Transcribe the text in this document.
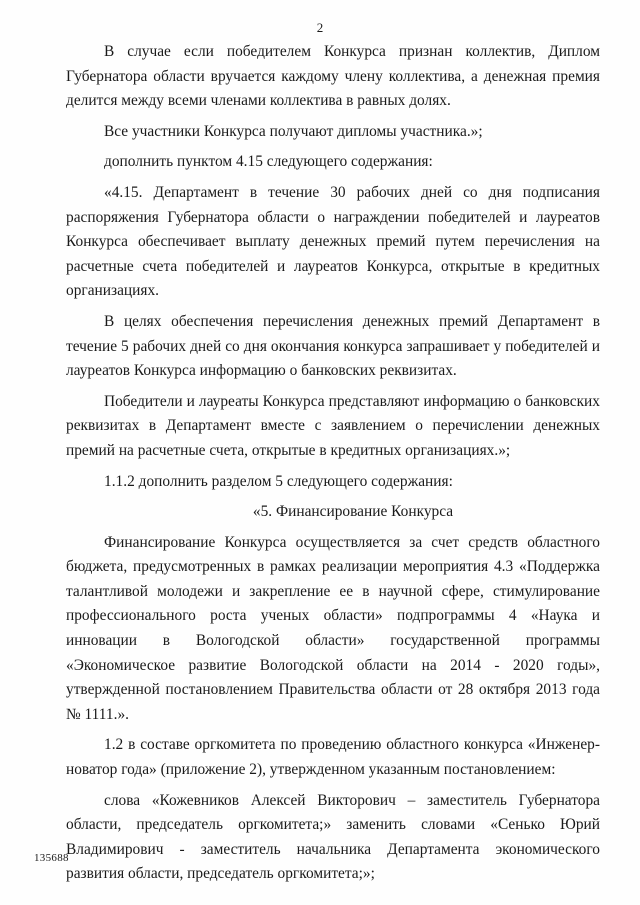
2

В случае если победителем Конкурса признан коллектив, Диплом Губернатора области вручается каждому члену коллектива, а денежная премия делится между всеми членами коллектива в равных долях.

Все участники Конкурса получают дипломы участника.»;

дополнить пунктом 4.15 следующего содержания:

«4.15. Департамент в течение 30 рабочих дней со дня подписания распоряжения Губернатора области о награждении победителей и лауреатов Конкурса обеспечивает выплату денежных премий путем перечисления на расчетные счета победителей и лауреатов Конкурса, открытые в кредитных организациях.

В целях обеспечения перечисления денежных премий Департамент в течение 5 рабочих дней со дня окончания конкурса запрашивает у победителей и лауреатов Конкурса информацию о банковских реквизитах.

Победители и лауреаты Конкурса представляют информацию о банковских реквизитах в Департамент вместе с заявлением о перечислении денежных премий на расчетные счета, открытые в кредитных организациях.»;

1.1.2 дополнить разделом 5 следующего содержания:

«5. Финансирование Конкурса

Финансирование Конкурса осуществляется за счет средств областного бюджета, предусмотренных в рамках реализации мероприятия 4.3 «Поддержка талантливой молодежи и закрепление ее в научной сфере, стимулирование профессионального роста ученых области» подпрограммы 4 «Наука и инновации в Вологодской области» государственной программы «Экономическое развитие Вологодской области на 2014 - 2020 годы», утвержденной постановлением Правительства области от 28 октября 2013 года № 1111.».

1.2 в составе оргкомитета по проведению областного конкурса «Инженер-новатор года» (приложение 2), утвержденном указанным постановлением:

слова «Кожевников Алексей Викторович – заместитель Губернатора области, председатель оргкомитета;» заменить словами «Сенько Юрий Владимирович - заместитель начальника Департамента экономического развития области, председатель оргкомитета;»;

135688
